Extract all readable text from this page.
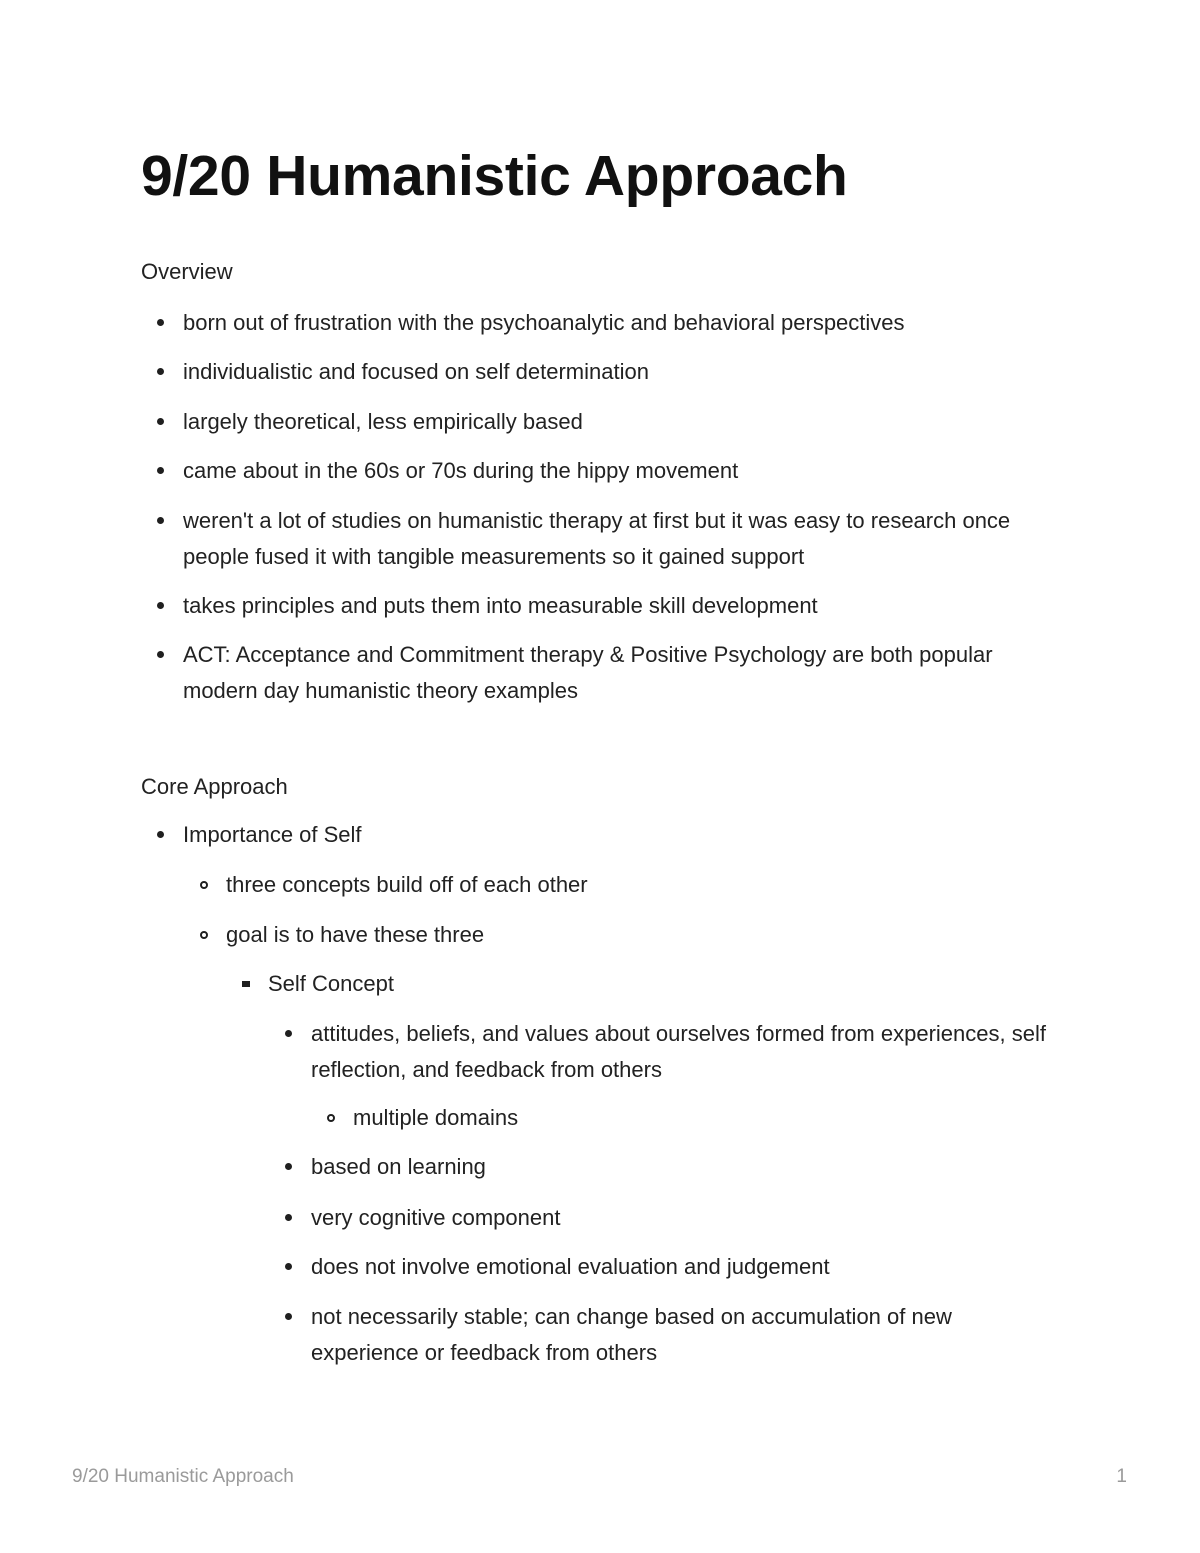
9/20 Humanistic Approach

Overview

born out of frustration with the psychoanalytic and behavioral perspectives
individualistic and focused on self determination
largely theoretical, less empirically based
came about in the 60s or 70s during the hippy movement
weren't a lot of studies on humanistic therapy at first but it was easy to research once people fused it with tangible measurements so it gained support
takes principles and puts them into measurable skill development
ACT: Acceptance and Commitment therapy & Positive Psychology are both popular modern day humanistic theory examples

Core Approach

Importance of Self
three concepts build off of each other
goal is to have these three
Self Concept
attitudes, beliefs, and values about ourselves formed from experiences, self reflection, and feedback from others
multiple domains
based on learning
very cognitive component
does not involve emotional evaluation and judgement
not necessarily stable; can change based on accumulation of new experience or feedback from others
9/20 Humanistic Approach	1
